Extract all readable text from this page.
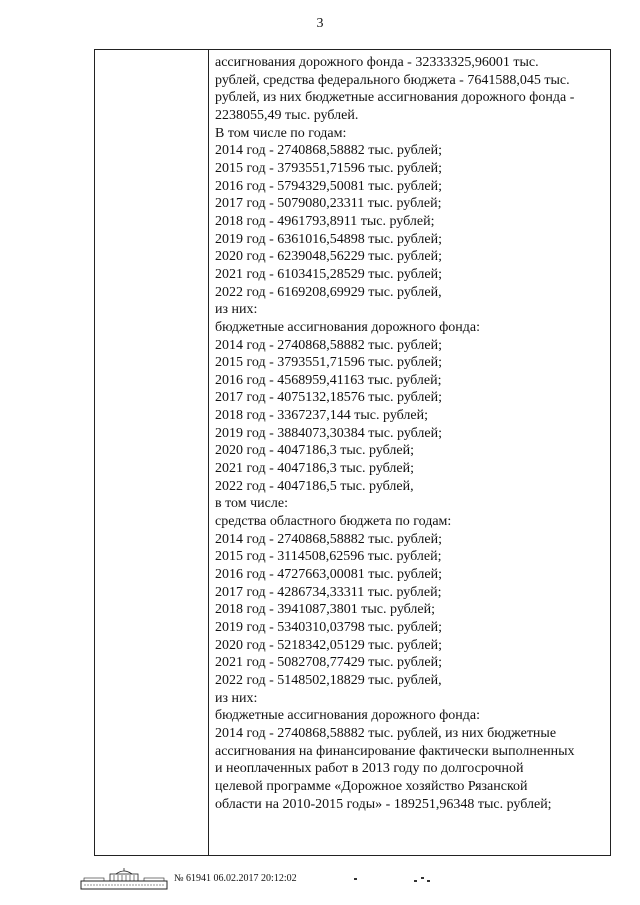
3
ассигнования дорожного фонда - 32333325,96001 тыс.
рублей, средства федерального бюджета - 7641588,045 тыс.
рублей, из них бюджетные ассигнования дорожного фонда -
2238055,49 тыс. рублей.
В том числе по годам:
2014 год - 2740868,58882 тыс. рублей;
2015 год - 3793551,71596 тыс. рублей;
2016 год - 5794329,50081 тыс. рублей;
2017 год - 5079080,23311 тыс. рублей;
2018 год - 4961793,8911 тыс. рублей;
2019 год - 6361016,54898 тыс. рублей;
2020 год - 6239048,56229 тыс. рублей;
2021 год - 6103415,28529 тыс. рублей;
2022 год - 6169208,69929 тыс. рублей,
из них:
бюджетные ассигнования дорожного фонда:
2014 год - 2740868,58882 тыс. рублей;
2015 год - 3793551,71596 тыс. рублей;
2016 год - 4568959,41163 тыс. рублей;
2017 год - 4075132,18576 тыс. рублей;
2018 год - 3367237,144 тыс. рублей;
2019 год - 3884073,30384 тыс. рублей;
2020 год - 4047186,3 тыс. рублей;
2021 год - 4047186,3 тыс. рублей;
2022 год - 4047186,5 тыс. рублей,
в том числе:
средства областного бюджета по годам:
2014 год - 2740868,58882 тыс. рублей;
2015 год - 3114508,62596 тыс. рублей;
2016 год - 4727663,00081 тыс. рублей;
2017 год - 4286734,33311 тыс. рублей;
2018 год - 3941087,3801 тыс. рублей;
2019 год - 5340310,03798 тыс. рублей;
2020 год - 5218342,05129 тыс. рублей;
2021 год - 5082708,77429 тыс. рублей;
2022 год - 5148502,18829 тыс. рублей,
из них:
бюджетные ассигнования дорожного фонда:
2014 год - 2740868,58882 тыс. рублей, из них бюджетные
ассигнования на финансирование фактически выполненных
и неоплаченных работ в 2013 году по долгосрочной
целевой программе «Дорожное хозяйство Рязанской
области на 2010-2015 годы» - 189251,96348 тыс. рублей;
№ 61941 06.02.2017 20:12:02
